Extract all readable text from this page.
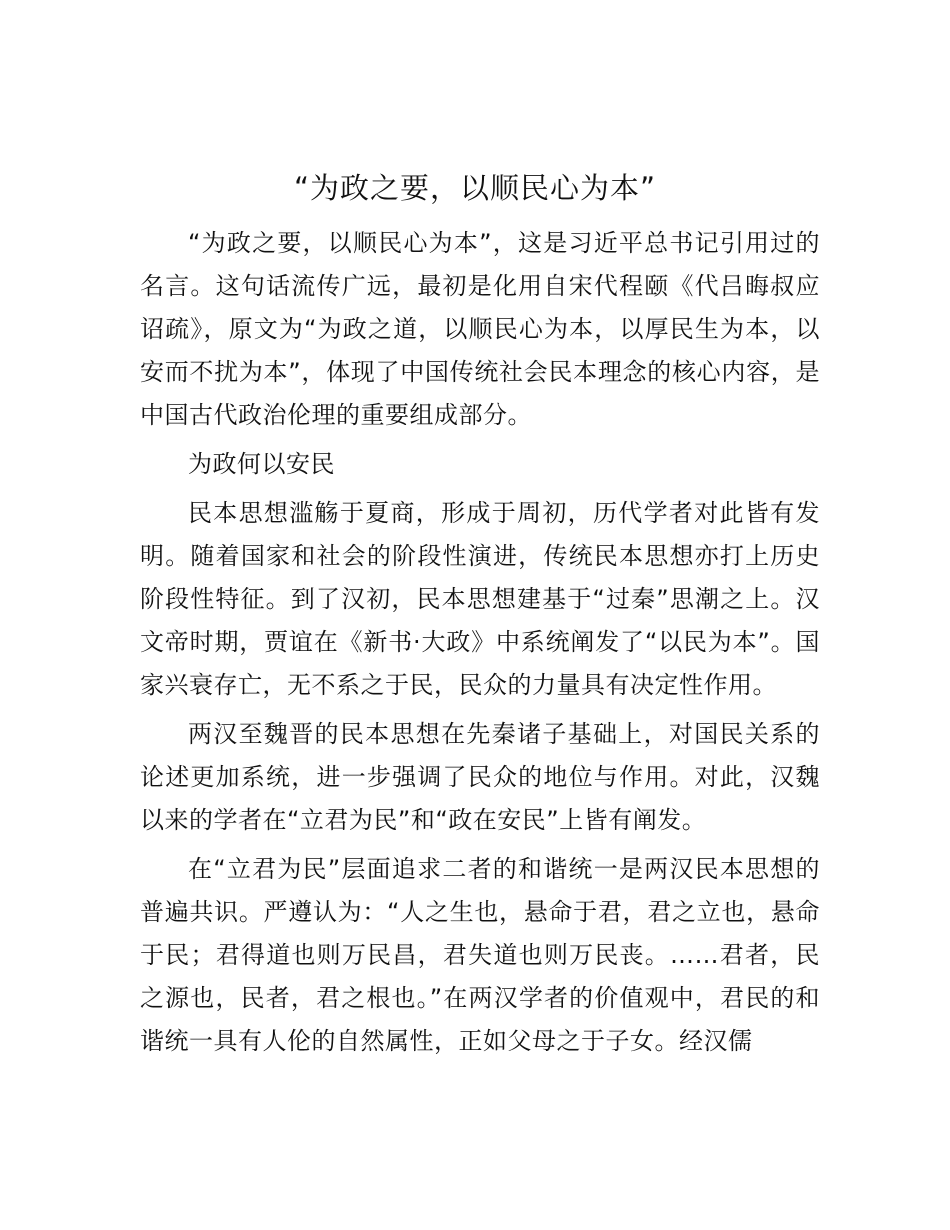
“为政之要，以顺民心为本”

“为政之要，以顺民心为本”，这是习近平总书记引用过的名言。这句话流传广远，最初是化用自宋代程颐《代吕晦叔应诏疏》，原文为“为政之道，以顺民心为本，以厚民生为本，以安而不扰为本”，体现了中国传统社会民本理念的核心内容，是中国古代政治伦理的重要组成部分。

为政何以安民

民本思想滥觞于夏商，形成于周初，历代学者对此皆有发明。随着国家和社会的阶段性演进，传统民本思想亦打上历史阶段性特征。到了汉初，民本思想建基于“过秦”思潮之上。汉文帝时期，贾谊在《新书·大政》中系统阐发了“以民为本”。国家兴衰存亡，无不系之于民，民众的力量具有决定性作用。

两汉至魏晋的民本思想在先秦诸子基础上，对国民关系的论述更加系统，进一步强调了民众的地位与作用。对此，汉魏以来的学者在“立君为民”和“政在安民”上皆有阐发。

在“立君为民”层面追求二者的和谐统一是两汉民本思想的普遍共识。严遵认为：“人之生也，悬命于君，君之立也，悬命于民；君得道也则万民昌，君失道也则万民丧。……君者，民之源也，民者，君之根也。”在两汉学者的价值观中，君民的和谐统一具有人伦的自然属性，正如父母之于子女。经汉儒
